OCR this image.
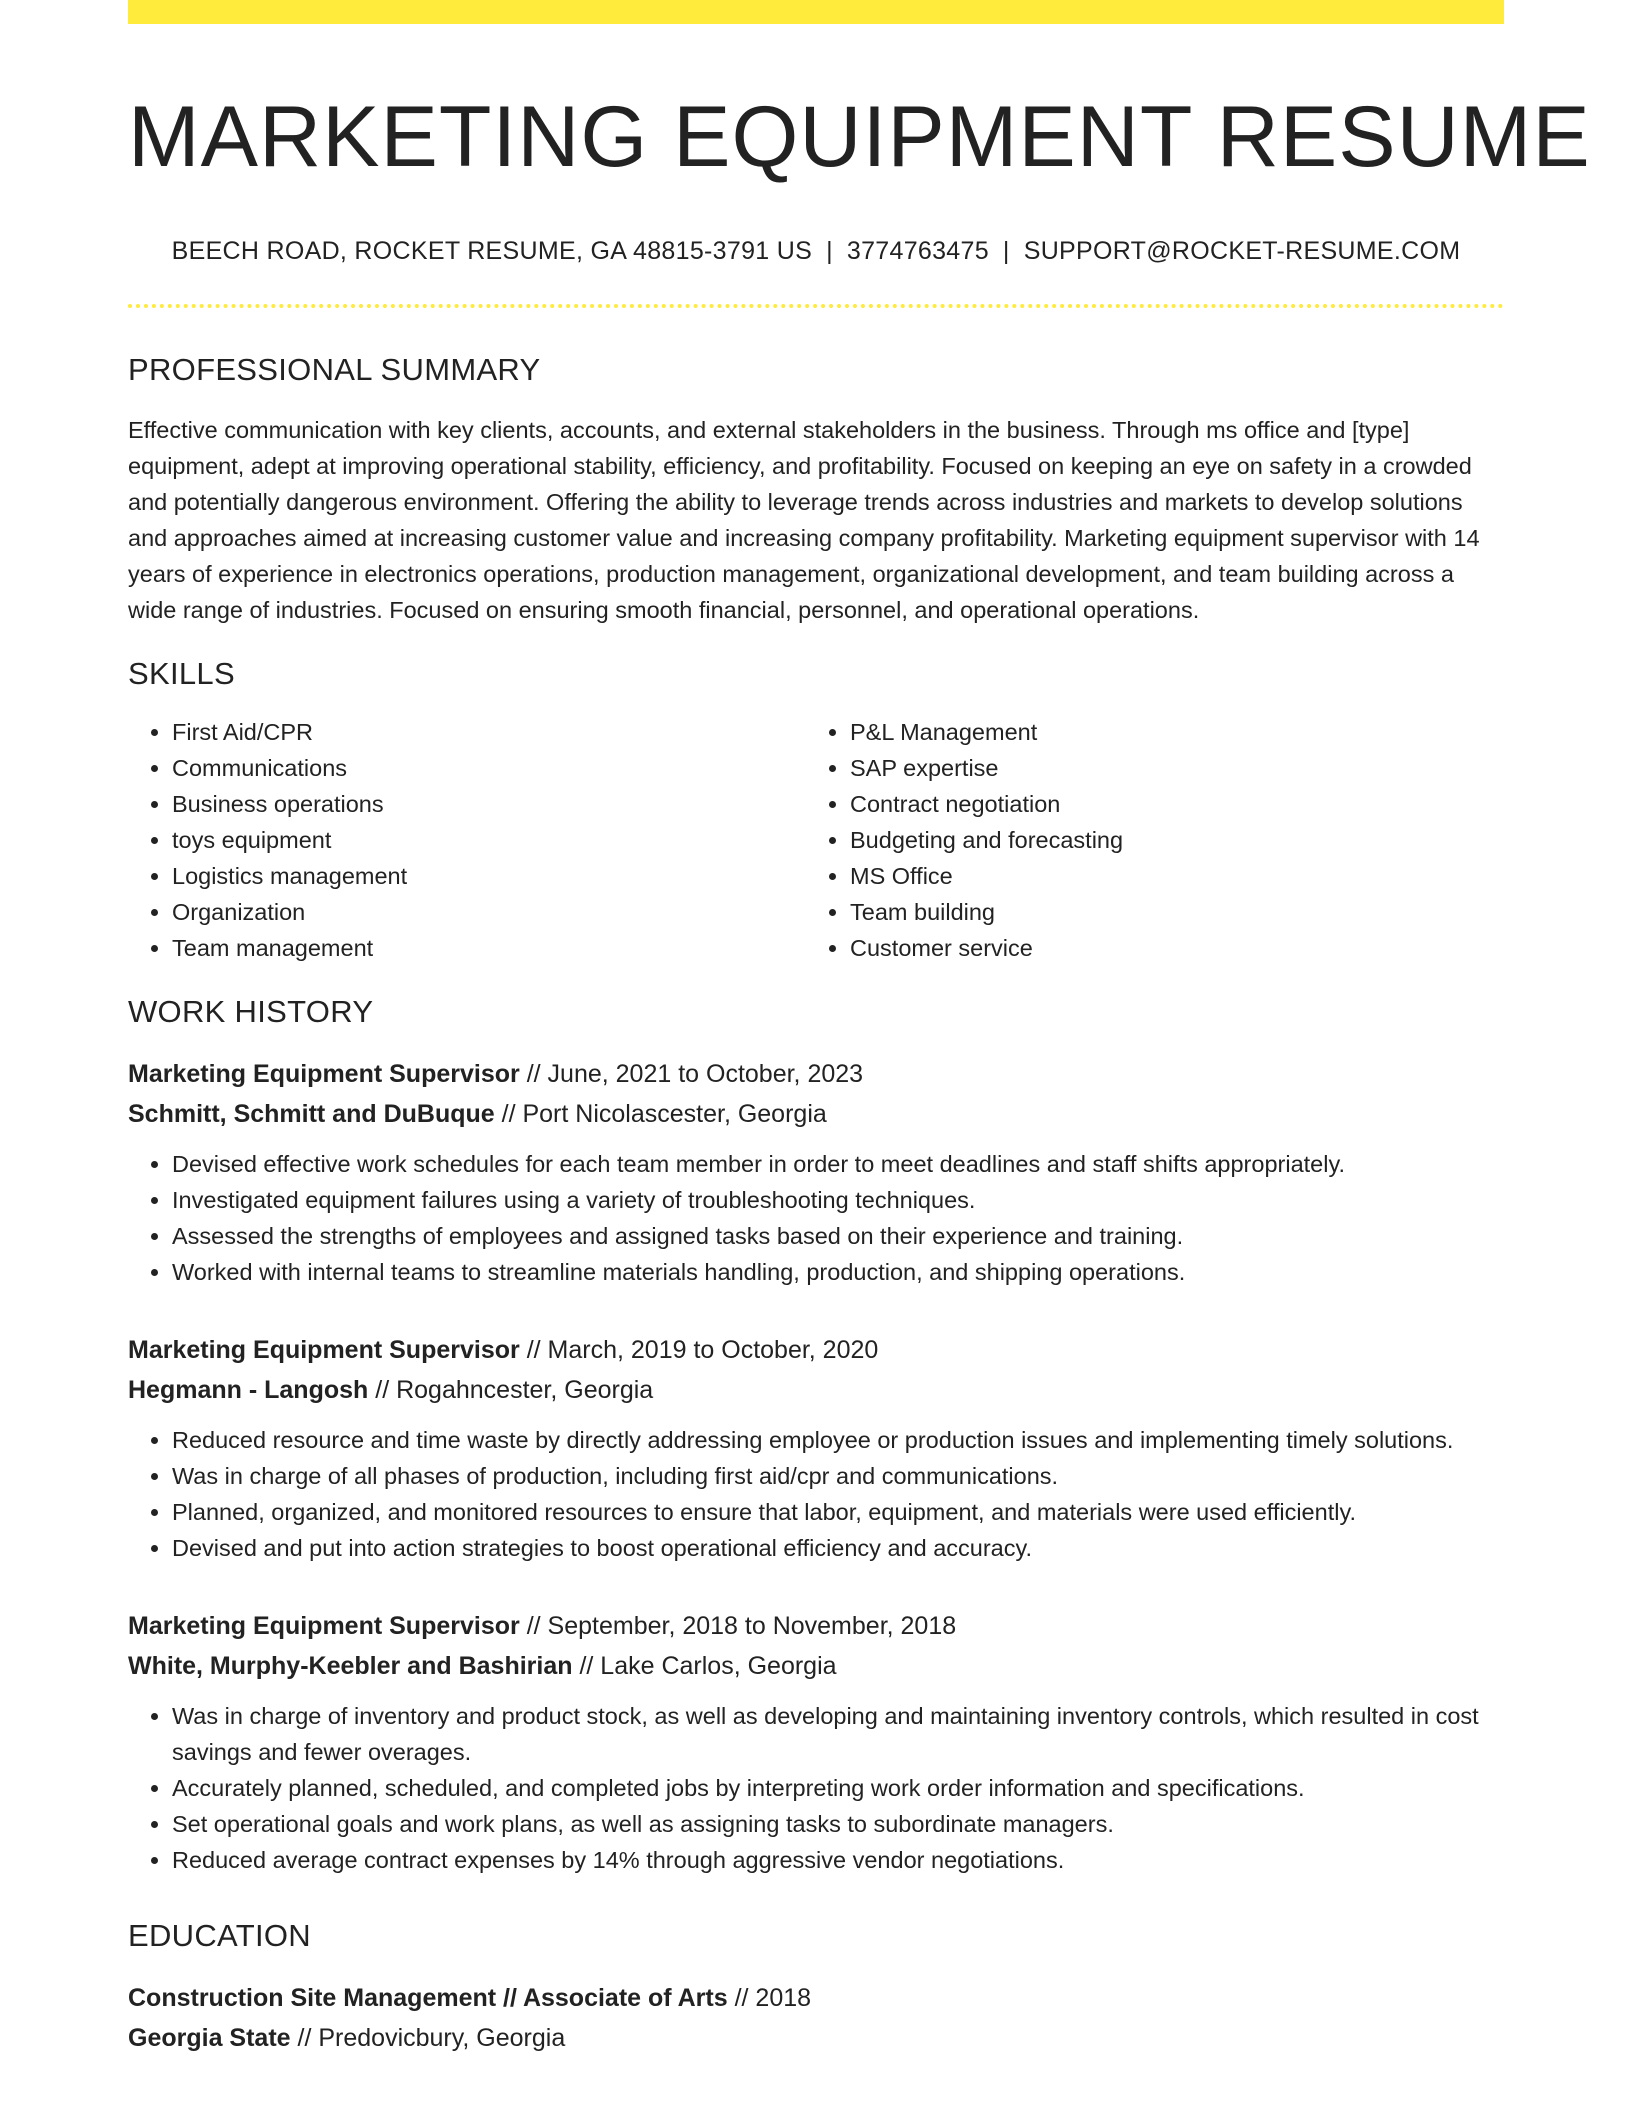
MARKETING EQUIPMENT RESUME
BEECH ROAD, ROCKET RESUME, GA 48815-3791 US | 3774763475 | SUPPORT@ROCKET-RESUME.COM
PROFESSIONAL SUMMARY

Effective communication with key clients, accounts, and external stakeholders in the business. Through ms office and [type] equipment, adept at improving operational stability, efficiency, and profitability. Focused on keeping an eye on safety in a crowded and potentially dangerous environment. Offering the ability to leverage trends across industries and markets to develop solutions and approaches aimed at increasing customer value and increasing company profitability. Marketing equipment supervisor with 14 years of experience in electronics operations, production management, organizational development, and team building across a wide range of industries. Focused on ensuring smooth financial, personnel, and operational operations.

SKILLS
• First Aid/CPR
• Communications
• Business operations
• toys equipment
• Logistics management
• Organization
• Team management
• P&L Management
• SAP expertise
• Contract negotiation
• Budgeting and forecasting
• MS Office
• Team building
• Customer service
WORK HISTORY
Marketing Equipment Supervisor // June, 2021 to October, 2023
Schmitt, Schmitt and DuBuque // Port Nicolascester, Georgia
• Devised effective work schedules for each team member in order to meet deadlines and staff shifts appropriately.
• Investigated equipment failures using a variety of troubleshooting techniques.
• Assessed the strengths of employees and assigned tasks based on their experience and training.
• Worked with internal teams to streamline materials handling, production, and shipping operations.
Marketing Equipment Supervisor // March, 2019 to October, 2020
Hegmann - Langosh // Rogahncester, Georgia
• Reduced resource and time waste by directly addressing employee or production issues and implementing timely solutions.
• Was in charge of all phases of production, including first aid/cpr and communications.
• Planned, organized, and monitored resources to ensure that labor, equipment, and materials were used efficiently.
• Devised and put into action strategies to boost operational efficiency and accuracy.
Marketing Equipment Supervisor // September, 2018 to November, 2018
White, Murphy-Keebler and Bashirian // Lake Carlos, Georgia
• Was in charge of inventory and product stock, as well as developing and maintaining inventory controls, which resulted in cost savings and fewer overages.
• Accurately planned, scheduled, and completed jobs by interpreting work order information and specifications.
• Set operational goals and work plans, as well as assigning tasks to subordinate managers.
• Reduced average contract expenses by 14% through aggressive vendor negotiations.
EDUCATION
Construction Site Management // Associate of Arts // 2018
Georgia State // Predovicbury, Georgia
